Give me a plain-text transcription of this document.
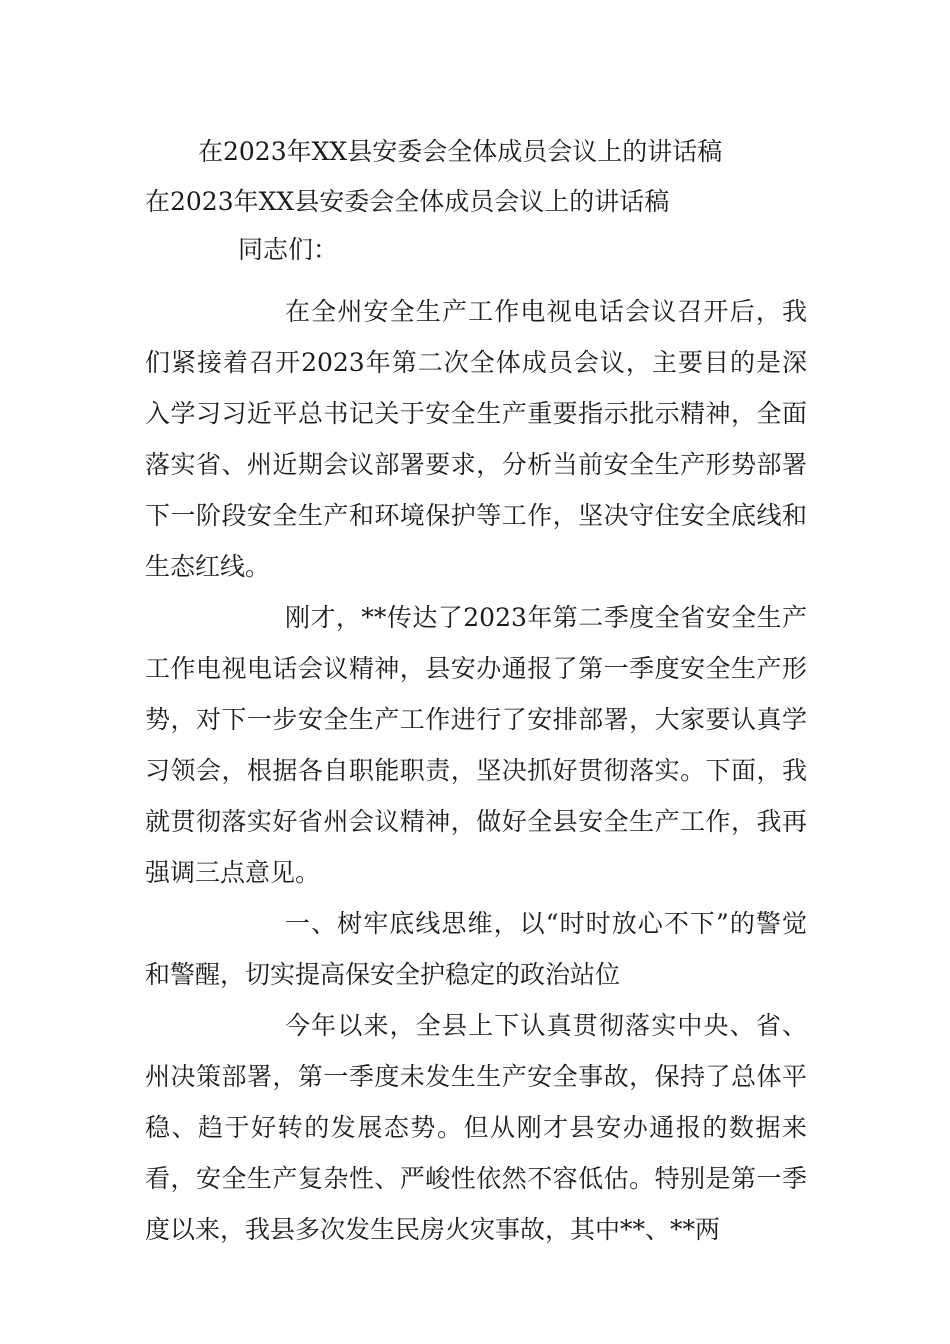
在2023年XX县安委会全体成员会议上的讲话稿
在2023年XX县安委会全体成员会议上的讲话稿
同志们：

在全州安全生产工作电视电话会议召开后，我们紧接着召开2023年第二次全体成员会议，主要目的是深入学习习近平总书记关于安全生产重要指示批示精神，全面落实省、州近期会议部署要求，分析当前安全生产形势部署下一阶段安全生产和环境保护等工作，坚决守住安全底线和生态红线。

刚才，**传达了2023年第二季度全省安全生产工作电视电话会议精神，县安办通报了第一季度安全生产形势，对下一步安全生产工作进行了安排部署，大家要认真学习领会，根据各自职能职责，坚决抓好贯彻落实。下面，我就贯彻落实好省州会议精神，做好全县安全生产工作，我再强调三点意见。

一、树牢底线思维，以“时时放心不下”的警觉和警醒，切实提高保安全护稳定的政治站位

今年以来，全县上下认真贯彻落实中央、省、州决策部署，第一季度未发生生产安全事故，保持了总体平稳、趋于好转的发展态势。但从刚才县安办通报的数据来看，安全生产复杂性、严峻性依然不容低估。特别是第一季度以来，我县多次发生民房火灾事故，其中**、**两
